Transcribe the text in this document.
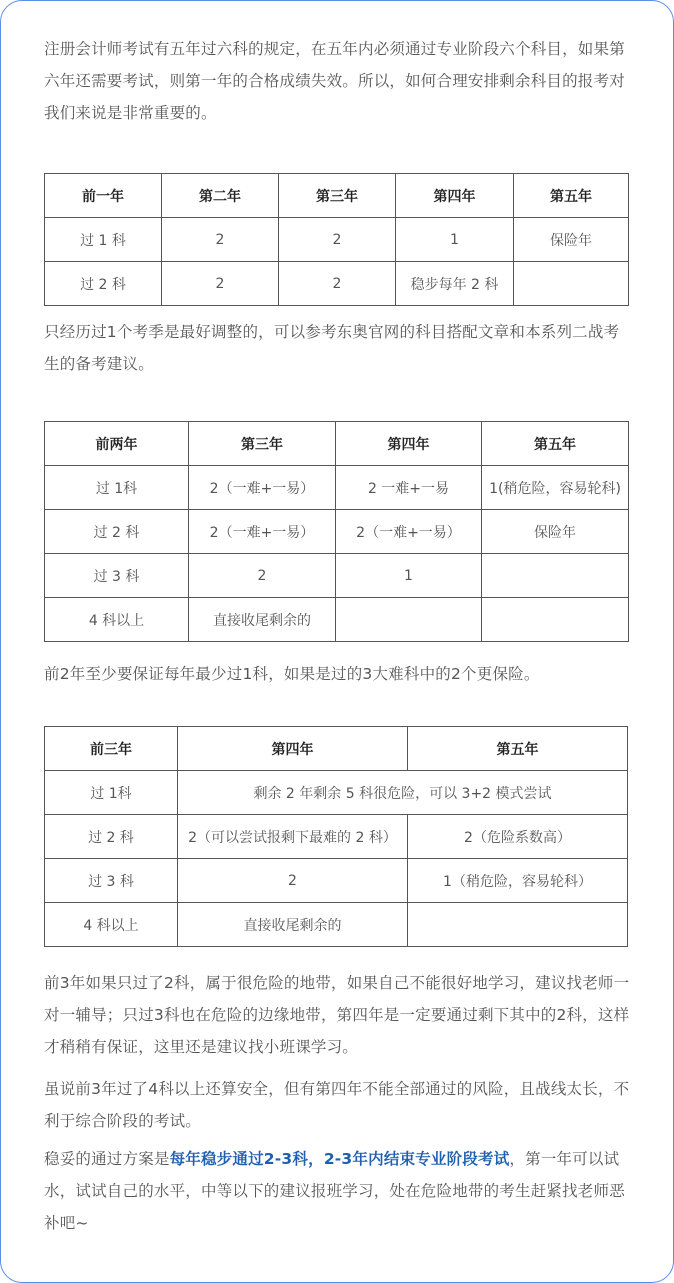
注册会计师考试有五年过六科的规定，在五年内必须通过专业阶段六个科目，如果第六年还需要考试，则第一年的合格成绩失效。所以，如何合理安排剩余科目的报考对我们来说是非常重要的。

前一年	第二年	第三年	第四年	第五年
过 1 科	2	2	1	保险年
过 2 科	2	2	稳步每年 2 科	

只经历过1个考季是最好调整的，可以参考东奥官网的科目搭配文章和本系列二战考生的备考建议。

前两年	第三年	第四年	第五年
过 1科	2（一难+一易）	2 一难+一易	1(稍危险，容易轮科)
过 2 科	2（一难+一易）	2（一难+一易）	保险年
过 3 科	2	1	
4 科以上	直接收尾剩余的		

前2年至少要保证每年最少过1科，如果是过的3大难科中的2个更保险。

前三年	第四年	第五年
过 1科	剩余 2 年剩余 5 科很危险，可以 3+2 模式尝试	
过 2 科	2（可以尝试报剩下最难的 2 科）	2（危险系数高）
过 3 科	2	1（稍危险，容易轮科）
4 科以上	直接收尾剩余的	

前3年如果只过了2科，属于很危险的地带，如果自己不能很好地学习，建议找老师一对一辅导；只过3科也在危险的边缘地带，第四年是一定要通过剩下其中的2科，这样才稍稍有保证，这里还是建议找小班课学习。

虽说前3年过了4科以上还算安全，但有第四年不能全部通过的风险，且战线太长，不利于综合阶段的考试。

稳妥的通过方案是每年稳步通过2-3科，2-3年内结束专业阶段考试，第一年可以试水，试试自己的水平，中等以下的建议报班学习，处在危险地带的考生赶紧找老师恶补吧~
